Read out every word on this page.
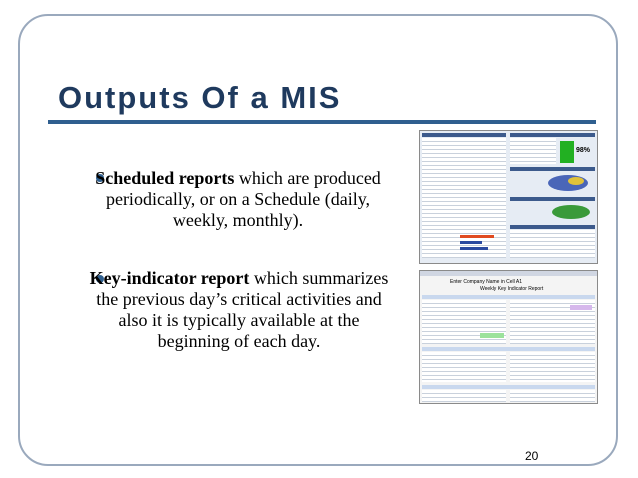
Outputs Of a MIS
Scheduled reports which are produced periodically, or on a Schedule (daily, weekly, monthly).
Key-indicator report which summarizes the previous day’s critical activities and also it is typically available at the beginning of each day.
98%
Enter Company Name in Cell A1
Weekly Key Indicator Report
20
